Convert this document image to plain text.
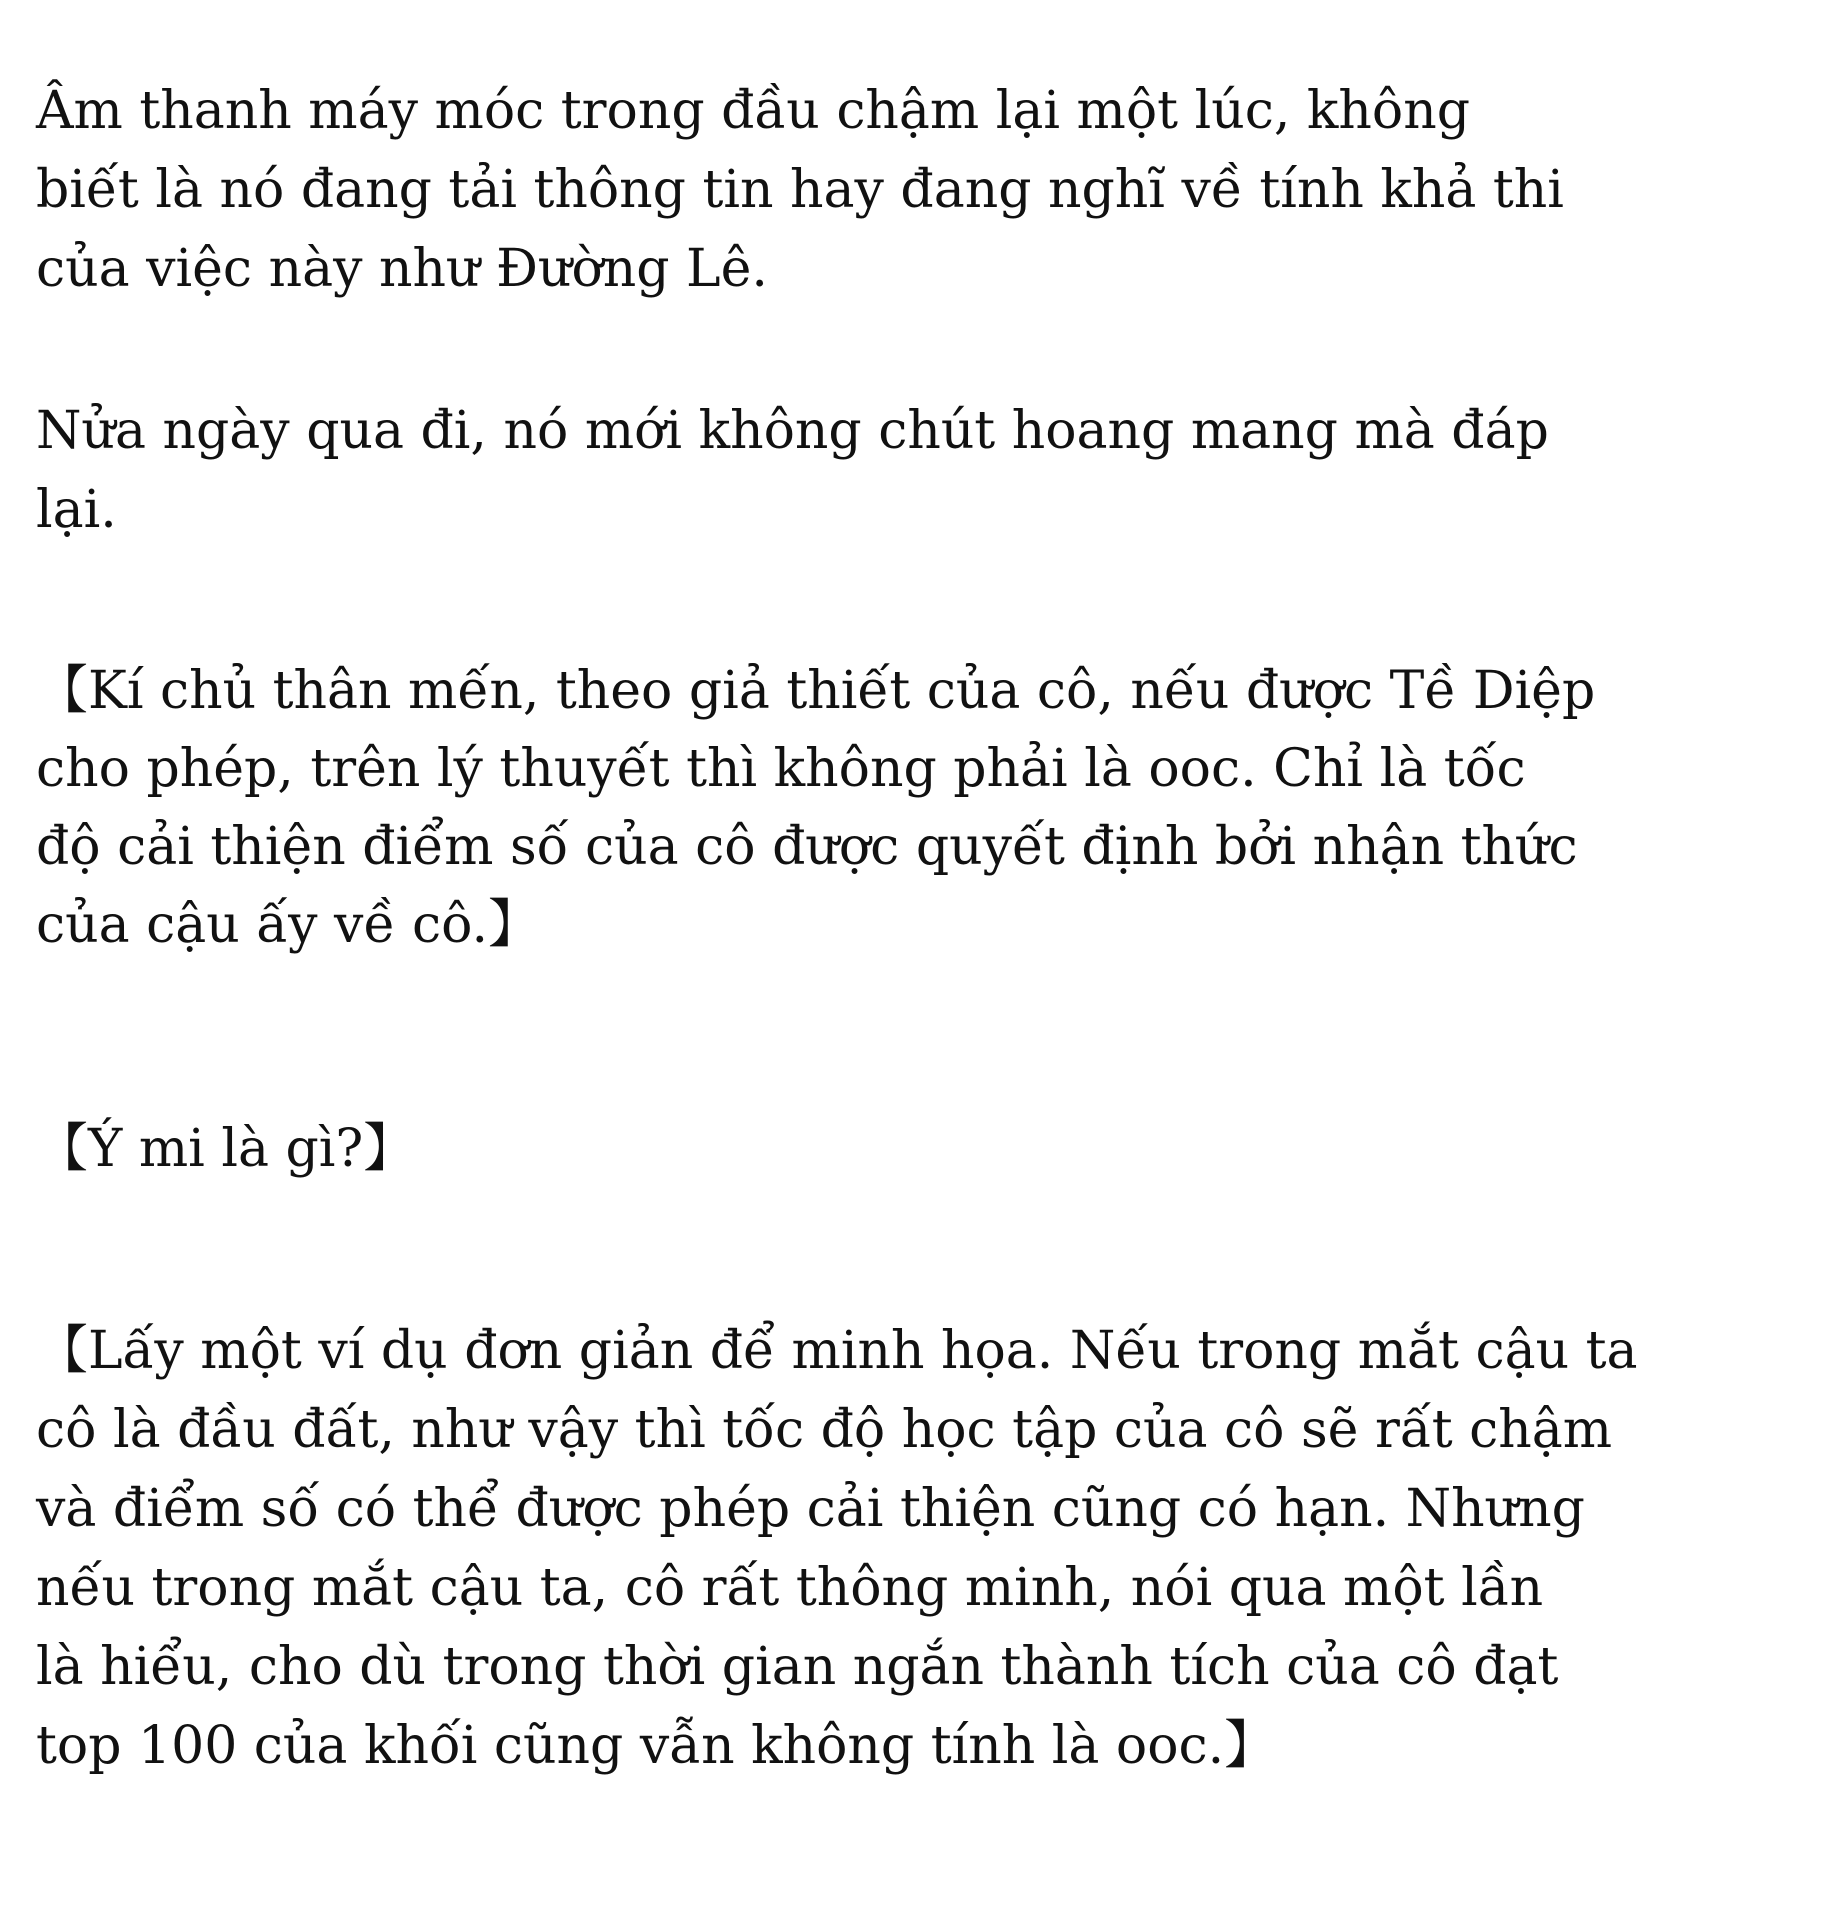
Âm thanh máy móc trong đầu chậm lại một lúc, không
biết là nó đang tải thông tin hay đang nghĩ về tính khả thi
của việc này như Đường Lê.

Nửa ngày qua đi, nó mới không chút hoang mang mà đáp
lại.

【Kí chủ thân mến, theo giả thiết của cô, nếu được Tề Diệp
cho phép, trên lý thuyết thì không phải là ooc. Chỉ là tốc
độ cải thiện điểm số của cô được quyết định bởi nhận thức
của cậu ấy về cô.】

【Ý mi là gì?】

【Lấy một ví dụ đơn giản để minh họa. Nếu trong mắt cậu ta
cô là đầu đất, như vậy thì tốc độ học tập của cô sẽ rất chậm
và điểm số có thể được phép cải thiện cũng có hạn. Nhưng
nếu trong mắt cậu ta, cô rất thông minh, nói qua một lần
là hiểu, cho dù trong thời gian ngắn thành tích của cô đạt
top 100 của khối cũng vẫn không tính là ooc.】
